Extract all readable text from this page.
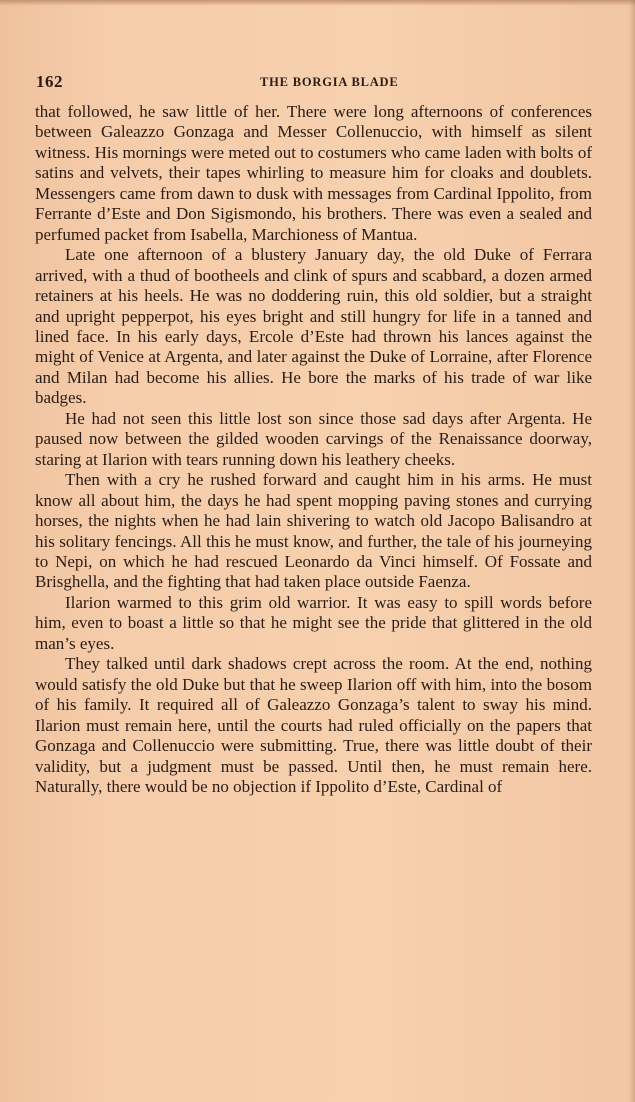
162	THE BORGIA BLADE

that followed, he saw little of her. There were long afternoons of conferences between Galeazzo Gonzaga and Messer Collenuccio, with himself as silent witness. His mornings were meted out to costumers who came laden with bolts of satins and velvets, their tapes whirling to measure him for cloaks and doublets. Messengers came from dawn to dusk with messages from Cardinal Ippolito, from Ferrante d’Este and Don Sigismondo, his brothers. There was even a sealed and perfumed packet from Isabella, Marchioness of Mantua.

Late one afternoon of a blustery January day, the old Duke of Ferrara arrived, with a thud of bootheels and clink of spurs and scabbard, a dozen armed retainers at his heels. He was no doddering ruin, this old soldier, but a straight and upright pepperpot, his eyes bright and still hungry for life in a tanned and lined face. In his early days, Ercole d’Este had thrown his lances against the might of Venice at Argenta, and later against the Duke of Lorraine, after Florence and Milan had become his allies. He bore the marks of his trade of war like badges.

He had not seen this little lost son since those sad days after Argenta. He paused now between the gilded wooden carvings of the Renaissance doorway, staring at Ilarion with tears running down his leathery cheeks.

Then with a cry he rushed forward and caught him in his arms. He must know all about him, the days he had spent mopping paving stones and currying horses, the nights when he had lain shivering to watch old Jacopo Balisandro at his solitary fencings. All this he must know, and further, the tale of his journeying to Nepi, on which he had rescued Leonardo da Vinci himself. Of Fossate and Brisghella, and the fighting that had taken place outside Faenza.

Ilarion warmed to this grim old warrior. It was easy to spill words before him, even to boast a little so that he might see the pride that glittered in the old man’s eyes.

They talked until dark shadows crept across the room. At the end, nothing would satisfy the old Duke but that he sweep Ilarion off with him, into the bosom of his family. It required all of Galeazzo Gonzaga’s talent to sway his mind. Ilarion must remain here, until the courts had ruled officially on the papers that Gonzaga and Collenuccio were submitting. True, there was little doubt of their validity, but a judgment must be passed. Until then, he must remain here. Naturally, there would be no objection if Ippolito d’Este, Cardinal of
